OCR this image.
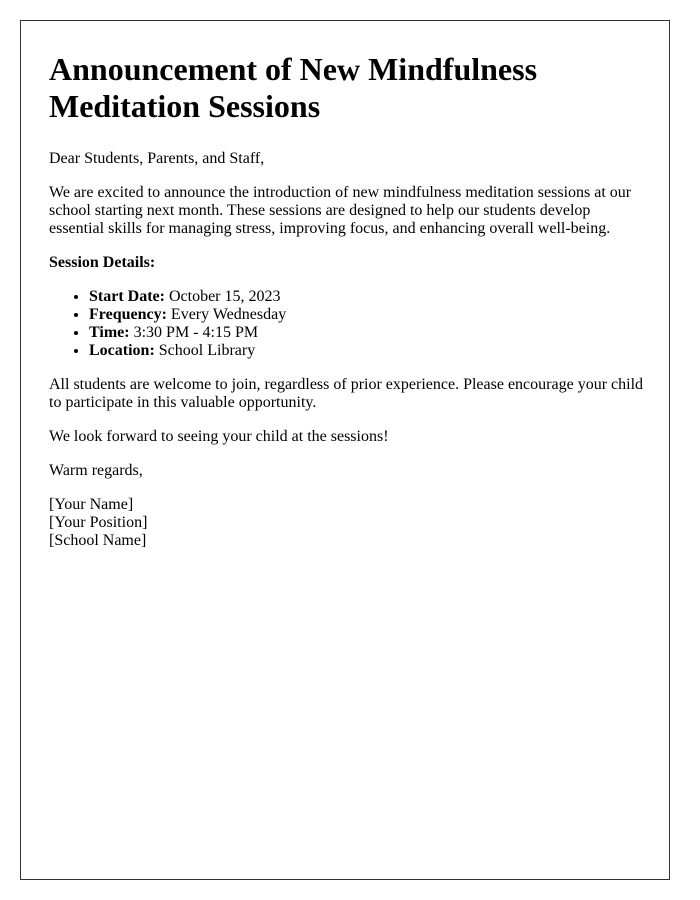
Announcement of New Mindfulness Meditation Sessions

Dear Students, Parents, and Staff,

We are excited to announce the introduction of new mindfulness meditation sessions at our school starting next month. These sessions are designed to help our students develop essential skills for managing stress, improving focus, and enhancing overall well-being.

Session Details:

• Start Date: October 15, 2023
• Frequency: Every Wednesday
• Time: 3:30 PM - 4:15 PM
• Location: School Library

All students are welcome to join, regardless of prior experience. Please encourage your child to participate in this valuable opportunity.

We look forward to seeing your child at the sessions!

Warm regards,

[Your Name]
[Your Position]
[School Name]
